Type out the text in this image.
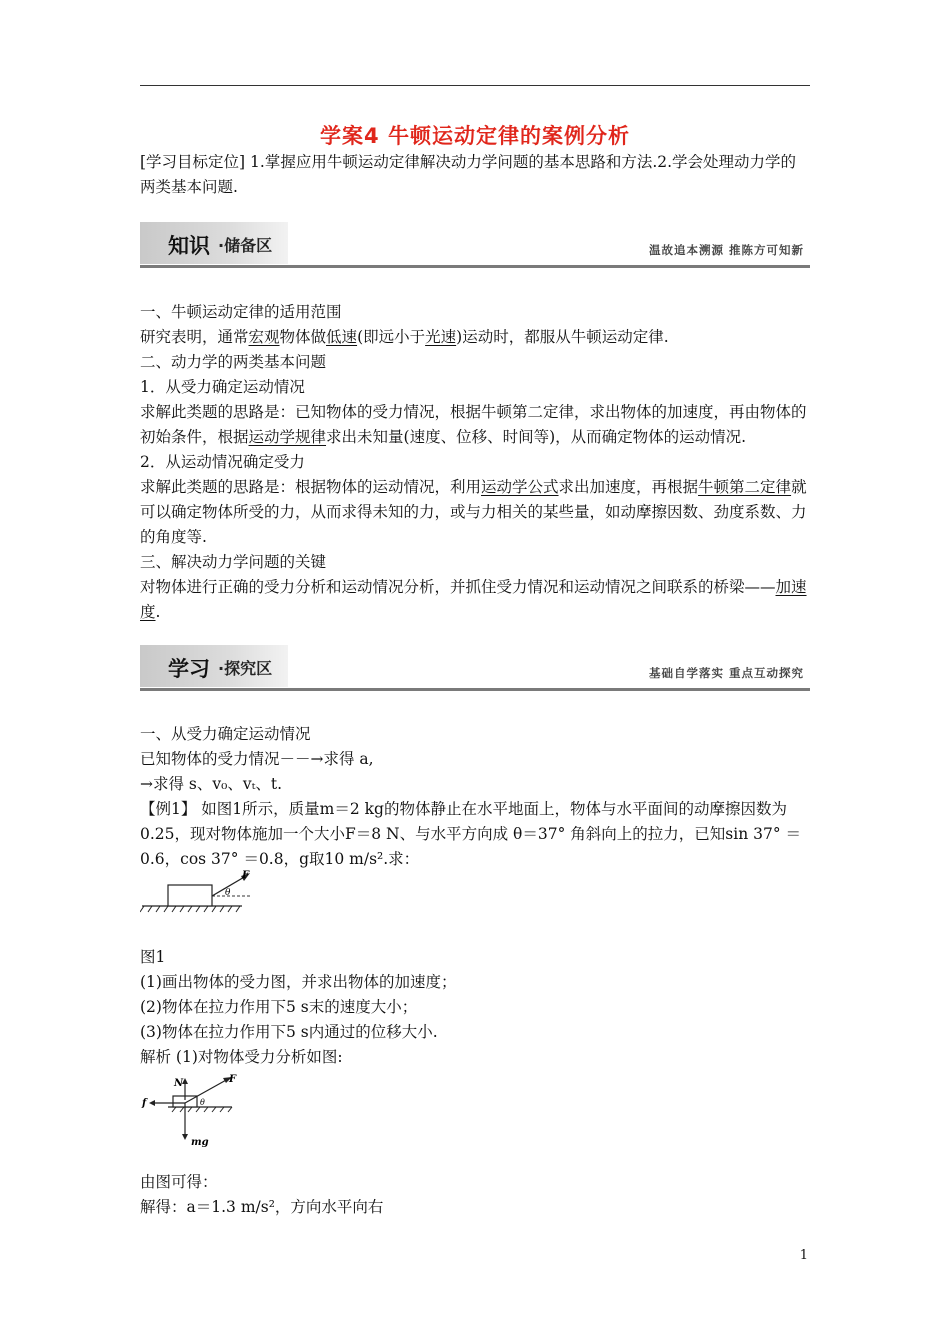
学案4 牛顿运动定律的案例分析
[学习目标定位] 1.掌握应用牛顿运动定律解决动力学问题的基本思路和方法.2.学会处理动力学的两类基本问题.
知识 ·储备区	温故追本溯源 推陈方可知新
一、牛顿运动定律的适用范围
研究表明，通常宏观物体做低速(即远小于光速)运动时，都服从牛顿运动定律.
二、动力学的两类基本问题
1．从受力确定运动情况
求解此类题的思路是：已知物体的受力情况，根据牛顿第二定律，求出物体的加速度，再由物体的初始条件，根据运动学规律求出未知量(速度、位移、时间等)，从而确定物体的运动情况.
2．从运动情况确定受力
求解此类题的思路是：根据物体的运动情况，利用运动学公式求出加速度，再根据牛顿第二定律就可以确定物体所受的力，从而求得未知的力，或与力相关的某些量，如动摩擦因数、劲度系数、力的角度等.
三、解决动力学问题的关键
对物体进行正确的受力分析和运动情况分析，并抓住受力情况和运动情况之间联系的桥梁——加速度.
学习 ·探究区	基础自学落实 重点互动探究
一、从受力确定运动情况
已知物体的受力情况－－→求得 a,
→求得 s、v₀、vₜ、t.
【例1】 如图1所示，质量m＝2 kg的物体静止在水平地面上，物体与水平面间的动摩擦因数为0.25，现对物体施加一个大小F＝8 N、与水平方向成 θ＝37° 角斜向上的拉力，已知sin 37° ＝0.6，cos 37° ＝0.8，g取10 m/s².求：
F
θ
图1
(1)画出物体的受力图，并求出物体的加速度；
(2)物体在拉力作用下5 s末的速度大小；
(3)物体在拉力作用下5 s内通过的位移大小.
解析 (1)对物体受力分析如图:
N
f
F
θ
mg
由图可得：
解得：a＝1.3 m/s²，方向水平向右
1
